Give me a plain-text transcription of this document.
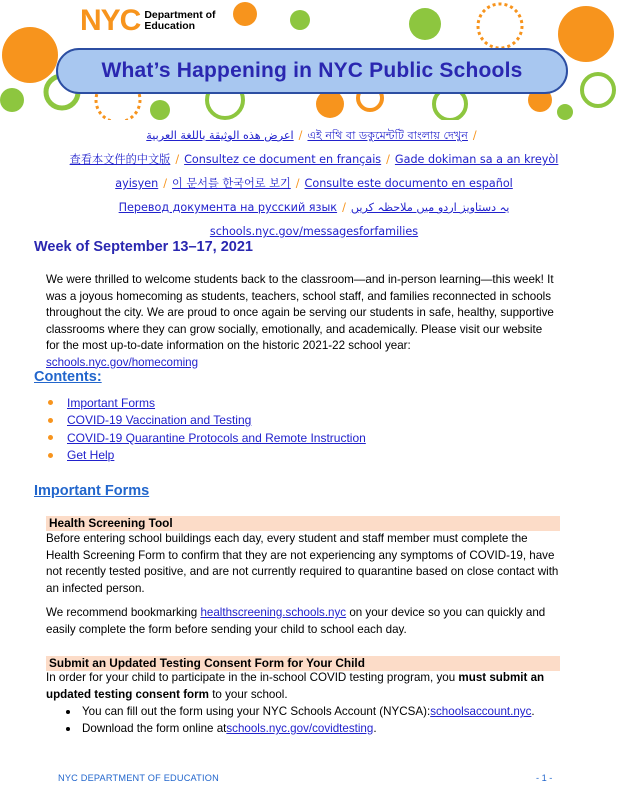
NYC Department of
Education
What’s Happening in NYC Public Schools
اعرض هذه الوثيقة باللغة العربية / এই নথি বা ডকুমেন্টটি বাংলায় দেখুন /
查看本文件的中文版 / Consultez ce document en français / Gade dokiman sa a an kreyòl
ayisyen / 이 문서를 한국어로 보기 / Consulte este documento en español
Перевод документа на русский язык / یہ دستاویز اردو میں ملاحظہ کریں
schools.nyc.gov/messagesforfamilies
Week of September 13–17, 2021

We were thrilled to welcome students back to the classroom—and in-person learning—this week! It was a joyous homecoming as students, teachers, school staff, and families reconnected in schools throughout the city. We are proud to once again be serving our students in safe, healthy, supportive classrooms where they can grow socially, emotionally, and academically. Please visit our website for the most up-to-date information on the historic 2021-22 school year: schools.nyc.gov/homecoming

Contents:
Important Forms
COVID-19 Vaccination and Testing
COVID-19 Quarantine Protocols and Remote Instruction
Get Help
Important Forms
Health Screening Tool

Before entering school buildings each day, every student and staff member must complete the Health Screening Form to confirm that they are not experiencing any symptoms of COVID-19, have not recently tested positive, and are not currently required to quarantine based on close contact with an infected person.

We recommend bookmarking healthscreening.schools.nyc on your device so you can quickly and easily complete the form before sending your child to school each day.

Submit an Updated Testing Consent Form for Your Child

In order for your child to participate in the in-school COVID testing program, you must submit an updated testing consent form to your school.

You can fill out the form using your NYC Schools Account (NYCSA): schoolsaccount.nyc .
Download the form online at schools.nyc.gov/covidtesting .
NYC DEPARTMENT OF EDUCATION	- 1 -
